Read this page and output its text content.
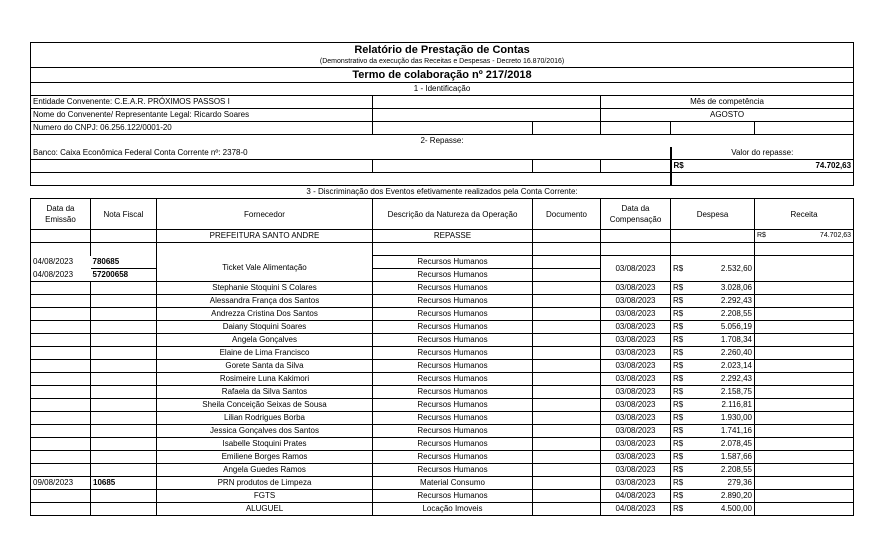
Relatório de Prestação de Contas							
(Demonstrativo da execução das Receitas e Despesas - Decreto 16.870/2016)							
Termo de colaboração nº 217/2018							
1 - Identificação							
Entidade Convenente: C.E.A.R. PRÓXIMOS PASSOS I					Mês de competência		
Nome do Convenente/ Representante Legal: Ricardo Soares					AGOSTO		
Numero do CNPJ: 06.256.122/0001-20							
2- Repasse:							
Banco: Caixa Econômica Federal Conta Corrente nº: 2378-0						Valor do repasse:	

						R$ 74.702,63	

3 - Discriminação dos Eventos efetivamente realizados pela Conta Corrente:							
Data da Emissão	Nota Fiscal	Fornecedor	Descrição da Natureza da Operação	Documento	Data da Compensação	Despesa	Receita
		PREFEITURA SANTO ANDRE	REPASSE				R$ 74.702,63

04/08/2023	780685	Ticket Vale Alimentação	Recursos Humanos		03/08/2023	R$ 2.532,60	

04/08/2023	57200658		Recursos Humanos				
		Stephanie Stoquini S Colares	Recursos Humanos		03/08/2023	R$ 3.028,06	

		Alessandra França dos Santos	Recursos Humanos		03/08/2023	R$ 2.292,43	

		Andrezza Cristina Dos Santos	Recursos Humanos		03/08/2023	R$ 2.208,55	

		Daiany Stoquini Soares	Recursos Humanos		03/08/2023	R$ 5.056,19	

		Angela Gonçalves	Recursos Humanos		03/08/2023	R$ 1.708,34	

		Elaine de Lima Francisco	Recursos Humanos		03/08/2023	R$ 2.260,40	

		Gorete Santa da Silva	Recursos Humanos		03/08/2023	R$ 2.023,14	

		Rosimeire Luna Kakimori	Recursos Humanos		03/08/2023	R$ 2.292,43	

		Rafaela da Silva Santos	Recursos Humanos		03/08/2023	R$ 2.158,75	

		Sheila Conceição Seixas de Sousa	Recursos Humanos		03/08/2023	R$ 2.116,81	

		Lilian Rodrigues Borba	Recursos Humanos		03/08/2023	R$ 1.930,00	

		Jessica Gonçalves dos Santos	Recursos Humanos		03/08/2023	R$ 1.741,16	

		Isabelle Stoquini Prates	Recursos Humanos		03/08/2023	R$ 2.078,45	

		Emiliene Borges Ramos	Recursos Humanos		03/08/2023	R$ 1.587,66	

		Angela Guedes Ramos	Recursos Humanos		03/08/2023	R$ 2.208,55	

09/08/2023	10685	PRN produtos de Limpeza	Material Consumo		03/08/2023	R$ 279,36	

		FGTS	Recursos Humanos		04/08/2023	R$ 2.890,20	

		ALUGUEL	Locação Imoveis		04/08/2023	R$ 4.500,00	
